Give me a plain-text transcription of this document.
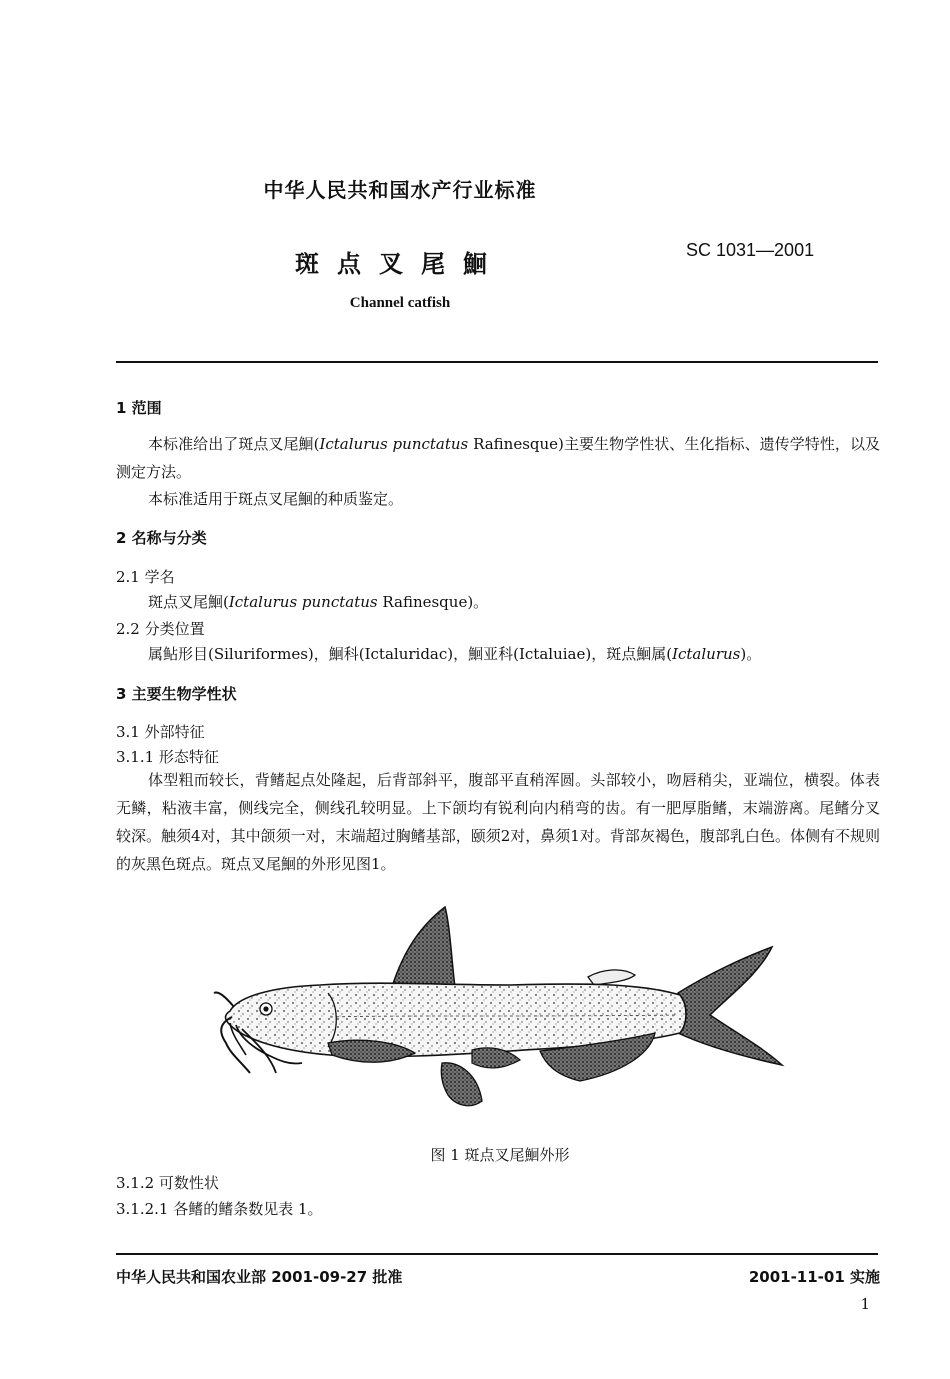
中华人民共和国水产行业标准
斑点叉尾鮰	SC 1031—2001
Channel catfish
1 范围
本标准给出了斑点叉尾鮰(Ictalurus punctatus Rafinesque)主要生物学性状、生化指标、遗传学特性，以及测定方法。
本标准适用于斑点叉尾鮰的种质鉴定。
2 名称与分类
2.1 学名
斑点叉尾鮰(Ictalurus punctatus Rafinesque)。
2.2 分类位置
属鲇形目(Siluriformes)，鮰科(Ictaluridac)，鮰亚科(Ictaluiae)，斑点鮰属(Ictalurus)。
3 主要生物学性状
3.1 外部特征
3.1.1 形态特征
体型粗而较长，背鳍起点处隆起，后背部斜平，腹部平直稍浑圆。头部较小，吻唇稍尖，亚端位，横裂。体表无鳞，粘液丰富，侧线完全，侧线孔较明显。上下颌均有锐利向内稍弯的齿。有一肥厚脂鳍，末端游离。尾鳍分叉较深。触须4对，其中颌须一对，末端超过胸鳍基部，颐须2对，鼻须1对。背部灰褐色，腹部乳白色。体侧有不规则的灰黑色斑点。斑点叉尾鮰的外形见图1。
图 1 斑点叉尾鮰外形
3.1.2 可数性状
3.1.2.1 各鳍的鳍条数见表 1。
中华人民共和国农业部 2001-09-27 批准	2001-11-01 实施
1
